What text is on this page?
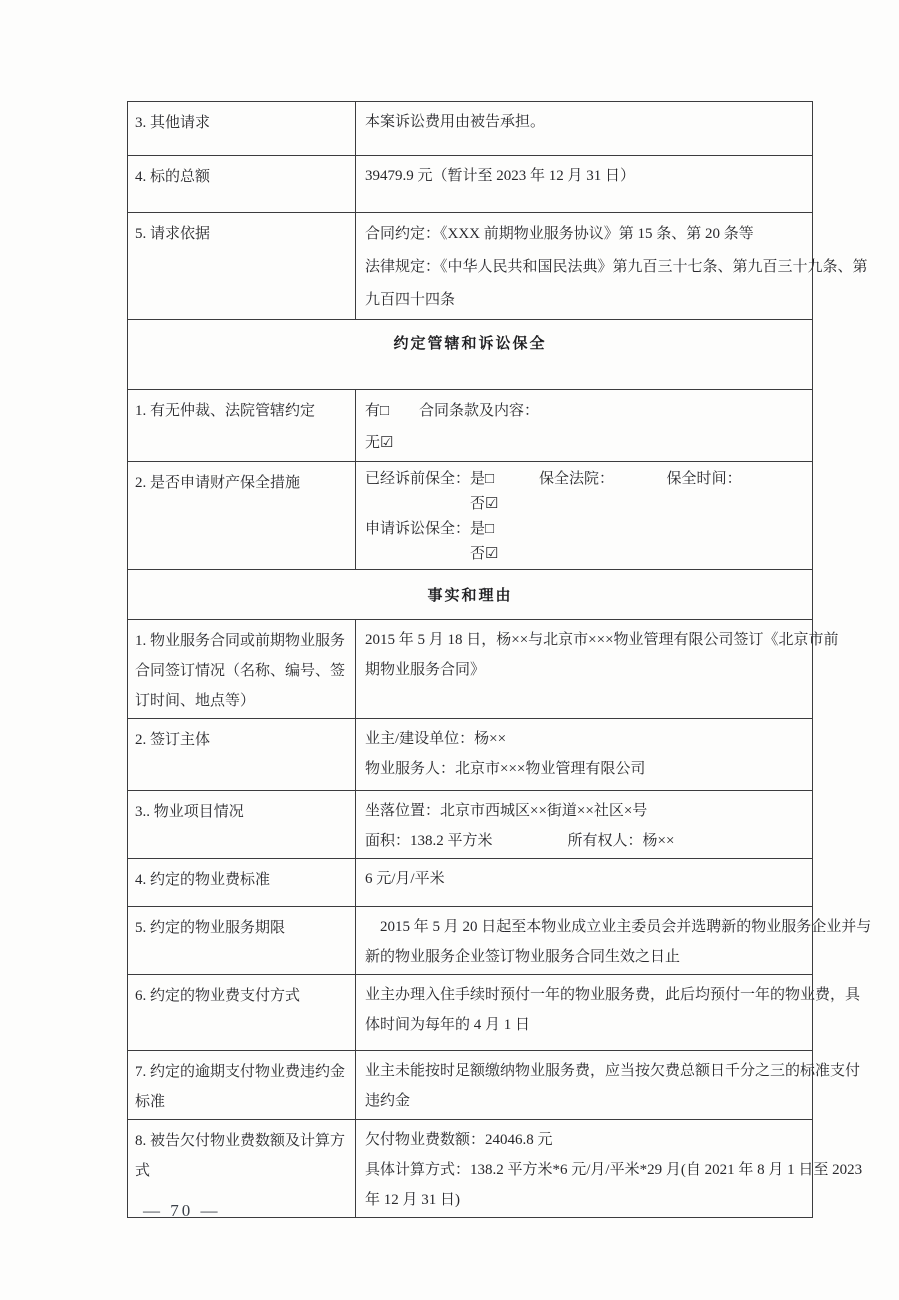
3. 其他请求	本案诉讼费用由被告承担。

4. 标的总额	39479.9 元（暂计至 2023 年 12 月 31 日）

5. 请求依据	合同约定：《XXX 前期物业服务协议》第 15 条、第 20 条等
法律规定：《中华人民共和国民法典》第九百三十七条、第九百三十九条、第
九百四十四条

约定管辖和诉讼保全	
1. 有无仲裁、法院管辖约定	有□　　合同条款及内容：
无☑

2. 是否申请财产保全措施	已经诉前保全：是□　　　保全法院：　　　　保全时间：
　　　　　　　否☑
申请诉讼保全：是□
　　　　　　　否☑

事实和理由	
1. 物业服务合同或前期物业服务合同签订情况（名称、编号、签订时间、地点等）	2015 年 5 月 18 日，杨××与北京市×××物业管理有限公司签订《北京市前
期物业服务合同》

2. 签订主体	业主/建设单位：杨××
物业服务人：北京市×××物业管理有限公司

3.. 物业项目情况	坐落位置：北京市西城区××街道××社区×号
面积：138.2 平方米　　　　　所有权人：杨××

4. 约定的物业费标准	6 元/月/平米

5. 约定的物业服务期限	　2015 年 5 月 20 日起至本物业成立业主委员会并选聘新的物业服务企业并与
新的物业服务企业签订物业服务合同生效之日止

6. 约定的物业费支付方式	业主办理入住手续时预付一年的物业服务费，此后均预付一年的物业费，具
体时间为每年的 4 月 1 日

7. 约定的逾期支付物业费违约金标准	业主未能按时足额缴纳物业服务费，应当按欠费总额日千分之三的标准支付
违约金

8. 被告欠付物业费数额及计算方式	欠付物业费数额：24046.8 元
具体计算方式：138.2 平方米*6 元/月/平米*29 月(自 2021 年 8 月 1 日至 2023
年 12 月 31 日)
— 70 —
